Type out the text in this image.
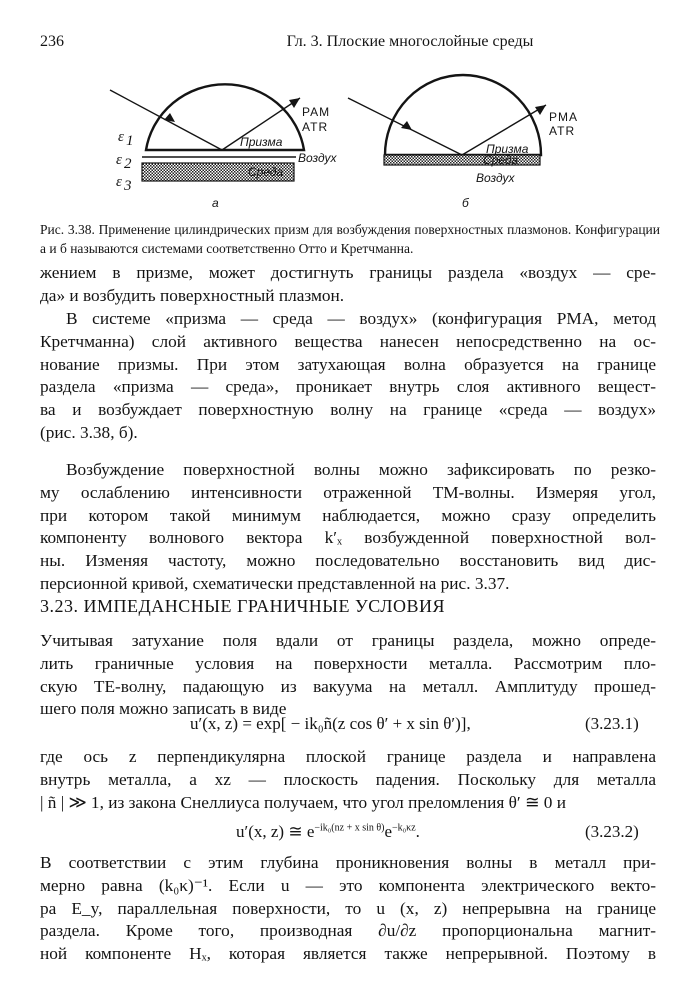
236	Гл. 3. Плоские многослойные среды
ε 1
ε 2
ε 3
Призма
Среда
Воздух
PAM
ATR
а
Призма
Среда
Воздух
PMA
ATR
б
Рис. 3.38. Применение цилиндрических призм для возбуждения поверхностных плазмонов. Конфигурации а и б называются системами соответственно Отто и Кретчманна.
жением в призме, может достигнуть границы раздела «воздух — сре-
да» и возбудить поверхностный плазмон.
В системе «призма — среда — воздух» (конфигурация PMA, метод
Кретчманна) слой активного вещества нанесен непосредственно на ос-
нование призмы. При этом затухающая волна образуется на границе
раздела «призма — среда», проникает внутрь слоя активного вещест-
ва и возбуждает поверхностную волну на границе «среда — воздух»
(рис. 3.38, б).
Возбуждение поверхностной волны можно зафиксировать по резко-
му ослаблению интенсивности отраженной TM-волны. Измеряя угол,
при котором такой минимум наблюдается, можно сразу определить
компоненту волнового вектора k′ₓ возбужденной поверхностной вол-
ны. Изменяя частоту, можно последовательно восстановить вид дис-
персионной кривой, схематически представленной на рис. 3.37.
3.23. ИМПЕДАНСНЫЕ ГРАНИЧНЫЕ УСЛОВИЯ
Учитывая затухание поля вдали от границы раздела, можно опреде-
лить граничные условия на поверхности металла. Рассмотрим пло-
скую TE-волну, падающую из вакуума на металл. Амплитуду прошед-
шего поля можно записать в виде
u′(x, z) = exp[ − ik₀ñ(z cos θ′ + x sin θ′)],	(3.23.1)
где ось z перпендикулярна плоской границе раздела и направлена
внутрь металла, а xz — плоскость падения. Поскольку для металла
| ñ | ≫ 1, из закона Снеллиуса получаем, что угол преломления θ′ ≅ 0 и
u′(x, z) ≅ $e^{-ik_0(nz + x sin \theta)}e^{-k_0\kappa z}$.	(3.23.2)
В соответствии с этим глубина проникновения волны в металл при-
мерно равна (k₀κ)⁻¹. Если u — это компонента электрического векто-
ра E_y, параллельная поверхности, то u (x, z) непрерывна на границе
раздела. Кроме того, производная ∂u/∂z пропорциональна магнит-
ной компоненте Hₓ, которая является также непрерывной. Поэтому в
